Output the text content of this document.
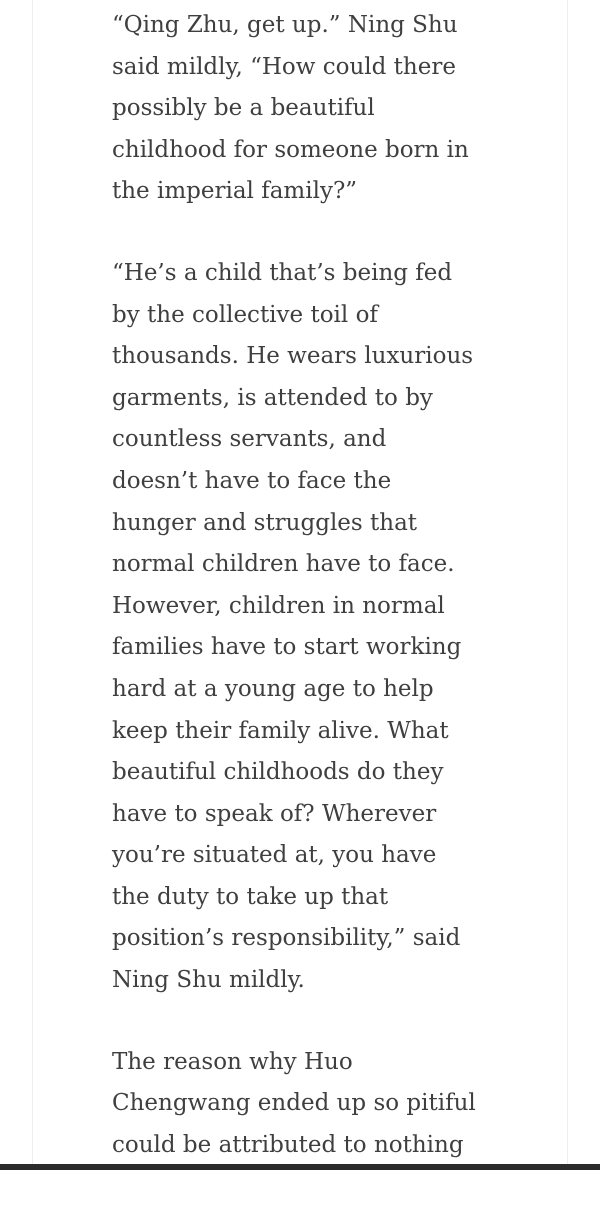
“Qing Zhu, get up.” Ning Shu
said mildly, “How could there
possibly be a beautiful
childhood for someone born in
the imperial family?”

“He’s a child that’s being fed
by the collective toil of
thousands. He wears luxurious
garments, is attended to by
countless servants, and
doesn’t have to face the
hunger and struggles that
normal children have to face.
However, children in normal
families have to start working
hard at a young age to help
keep their family alive. What
beautiful childhoods do they
have to speak of? Wherever
you’re situated at, you have
the duty to take up that
position’s responsibility,” said
Ning Shu mildly.

The reason why Huo
Chengwang ended up so pitiful
could be attributed to nothing
